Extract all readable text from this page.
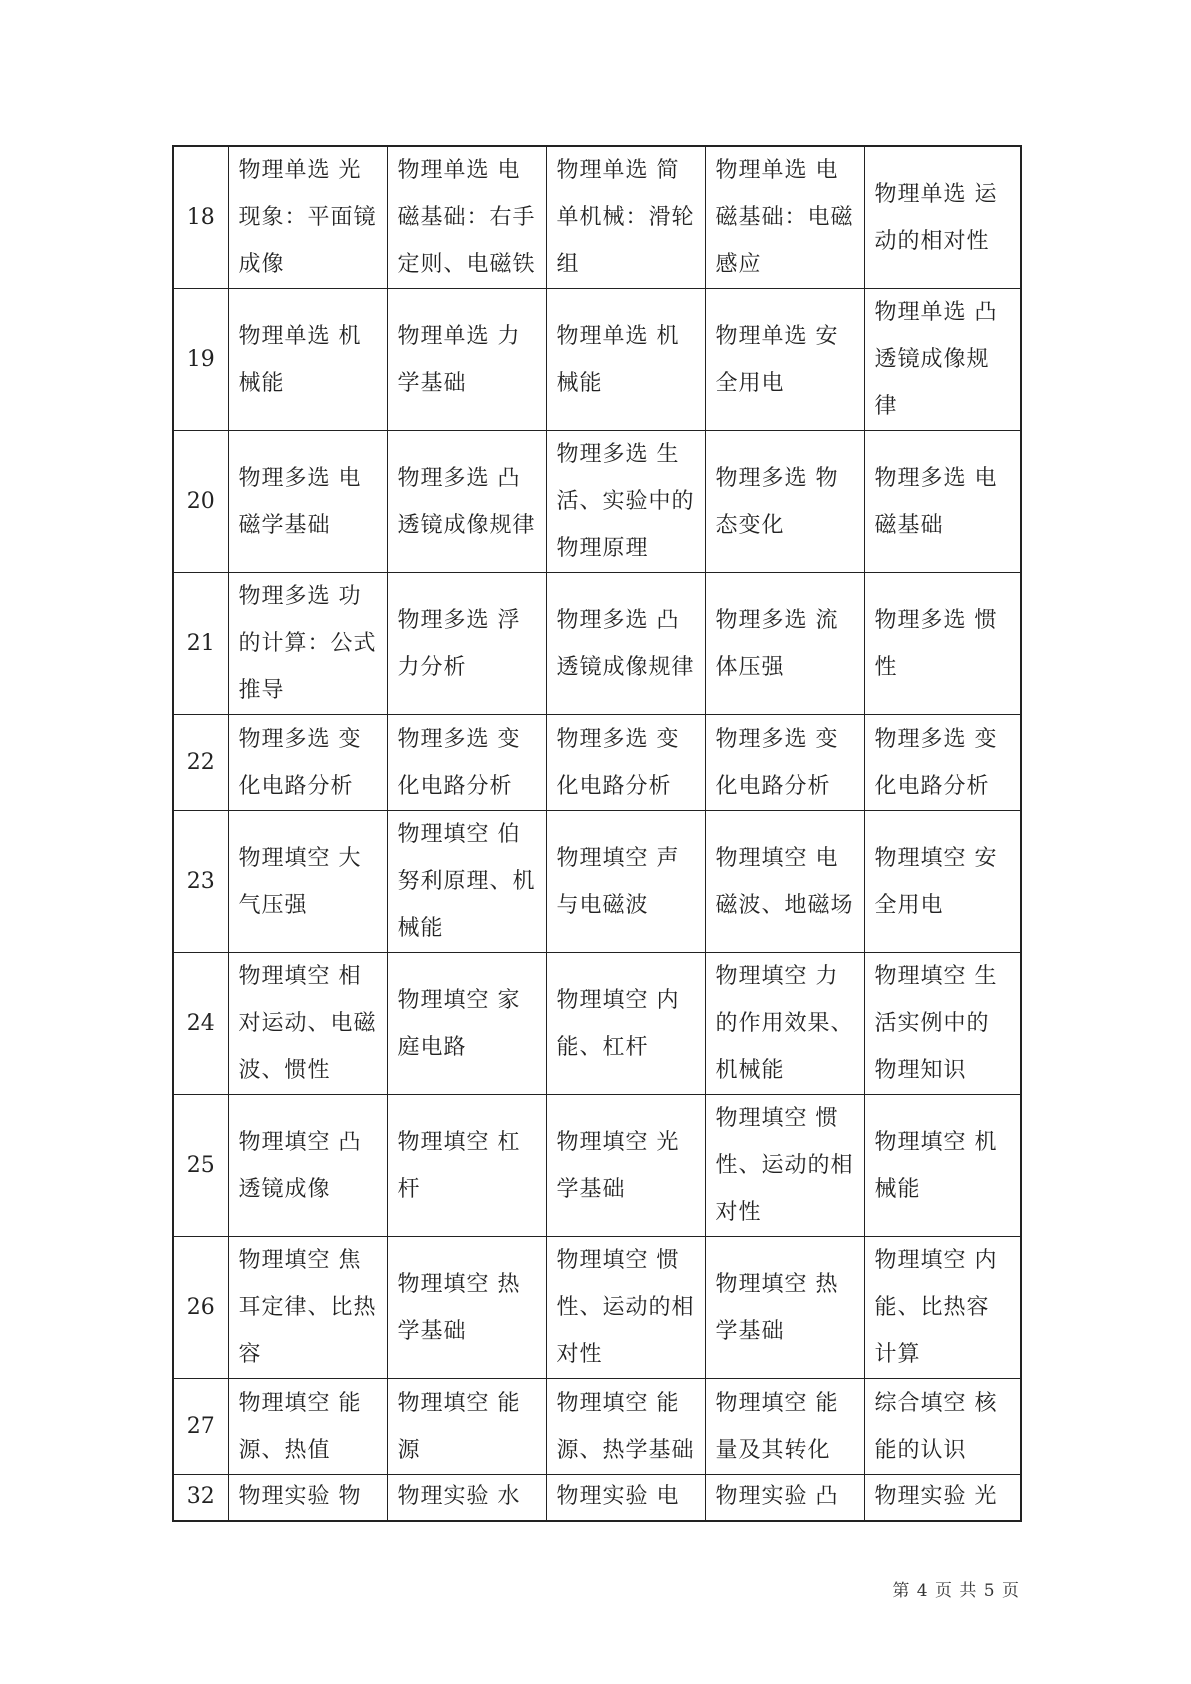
18	物理单选 光现象：平面镜成像	物理单选 电磁基础：右手定则、电磁铁	物理单选 简单机械：滑轮组	物理单选 电磁基础：电磁感应	物理单选 运动的相对性
19	物理单选 机械能	物理单选 力学基础	物理单选 机械能	物理单选 安全用电	物理单选 凸透镜成像规律
20	物理多选 电磁学基础	物理多选 凸透镜成像规律	物理多选 生活、实验中的物理原理	物理多选 物态变化	物理多选 电磁基础
21	物理多选 功的计算：公式推导	物理多选 浮力分析	物理多选 凸透镜成像规律	物理多选 流体压强	物理多选 惯性
22	物理多选 变化电路分析	物理多选 变化电路分析	物理多选 变化电路分析	物理多选 变化电路分析	物理多选 变化电路分析
23	物理填空 大气压强	物理填空 伯努利原理、机械能	物理填空 声与电磁波	物理填空 电磁波、地磁场	物理填空 安全用电
24	物理填空 相对运动、电磁波、惯性	物理填空 家庭电路	物理填空 内能、杠杆	物理填空 力的作用效果、机械能	物理填空 生活实例中的物理知识
25	物理填空 凸透镜成像	物理填空 杠杆	物理填空 光学基础	物理填空 惯性、运动的相对性	物理填空 机械能
26	物理填空 焦耳定律、比热容	物理填空 热学基础	物理填空 惯性、运动的相对性	物理填空 热学基础	物理填空 内能、比热容计算
27	物理填空 能源、热值	物理填空 能源	物理填空 能源、热学基础	物理填空 能量及其转化	综合填空 核能的认识
32	物理实验 物	物理实验 水	物理实验 电	物理实验 凸	物理实验 光
第 4 页 共 5 页
